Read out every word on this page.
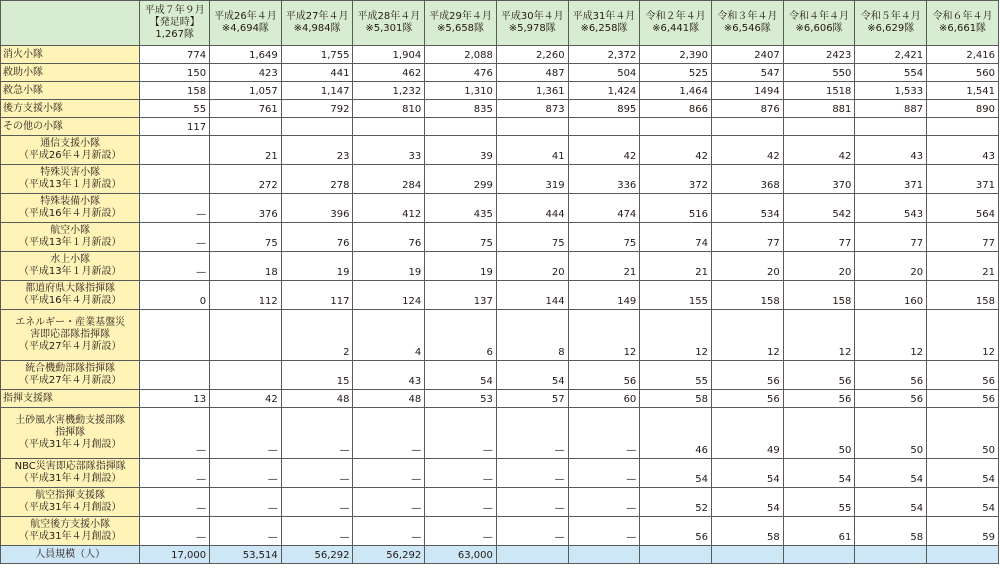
	平成７年９月
【発足時】
1,267隊	平成26年４月
※4,694隊	平成27年４月
※4,984隊	平成28年４月
※5,301隊	平成29年４月
※5,658隊	平成30年４月
※5,978隊	平成31年４月
※6,258隊	令和２年４月
※6,441隊	令和３年４月
※6,546隊	令和４年４月
※6,606隊	令和５年４月
※6,629隊	令和６年４月
※6,661隊

消火小隊	774	1,649	1,755	1,904	2,088	2,260	2,372	2,390	2407	2423	2,421	2,416

救助小隊	150	423	441	462	476	487	504	525	547	550	554	560

救急小隊	158	1,057	1,147	1,232	1,310	1,361	1,424	1,464	1494	1518	1,533	1,541

後方支援小隊	55	761	792	810	835	873	895	866	876	881	887	890

その他の小隊	117											

通信支援小隊
（平成26年４月新設）		21	23	33	39	41	42	42	42	42	43	43

特殊災害小隊
（平成13年１月新設）		272	278	284	299	319	336	372	368	370	371	371

特殊装備小隊
（平成16年４月新設）	—	376	396	412	435	444	474	516	534	542	543	564

航空小隊
（平成13年１月新設）	—	75	76	76	75	75	75	74	77	77	77	77

水上小隊
（平成13年１月新設）	—	18	19	19	19	20	21	21	20	20	20	21

都道府県大隊指揮隊
（平成16年４月新設）	0	112	117	124	137	144	149	155	158	158	160	158

エネルギー・産業基盤災
害即応部隊指揮隊
（平成27年４月新設）			2	4	6	8	12	12	12	12	12	12

統合機動部隊指揮隊
（平成27年４月新設）			15	43	54	54	56	55	56	56	56	56

指揮支援隊	13	42	48	48	53	57	60	58	56	56	56	56

土砂風水害機動支援部隊
指揮隊
（平成31年４月創設）	—	—	—	—	—	—	—	46	49	50	50	50

NBC災害即応部隊指揮隊
（平成31年４月創設）	—	—	—	—	—	—	—	54	54	54	54	54

航空指揮支援隊
（平成31年４月創設）	—	—	—	—	—	—	—	52	54	55	54	54

航空後方支援小隊
（平成31年４月創設）	—	—	—	—	—	—	—	56	58	61	58	59
人員規模（人）	17,000	53,514	56,292	56,292	63,000							
